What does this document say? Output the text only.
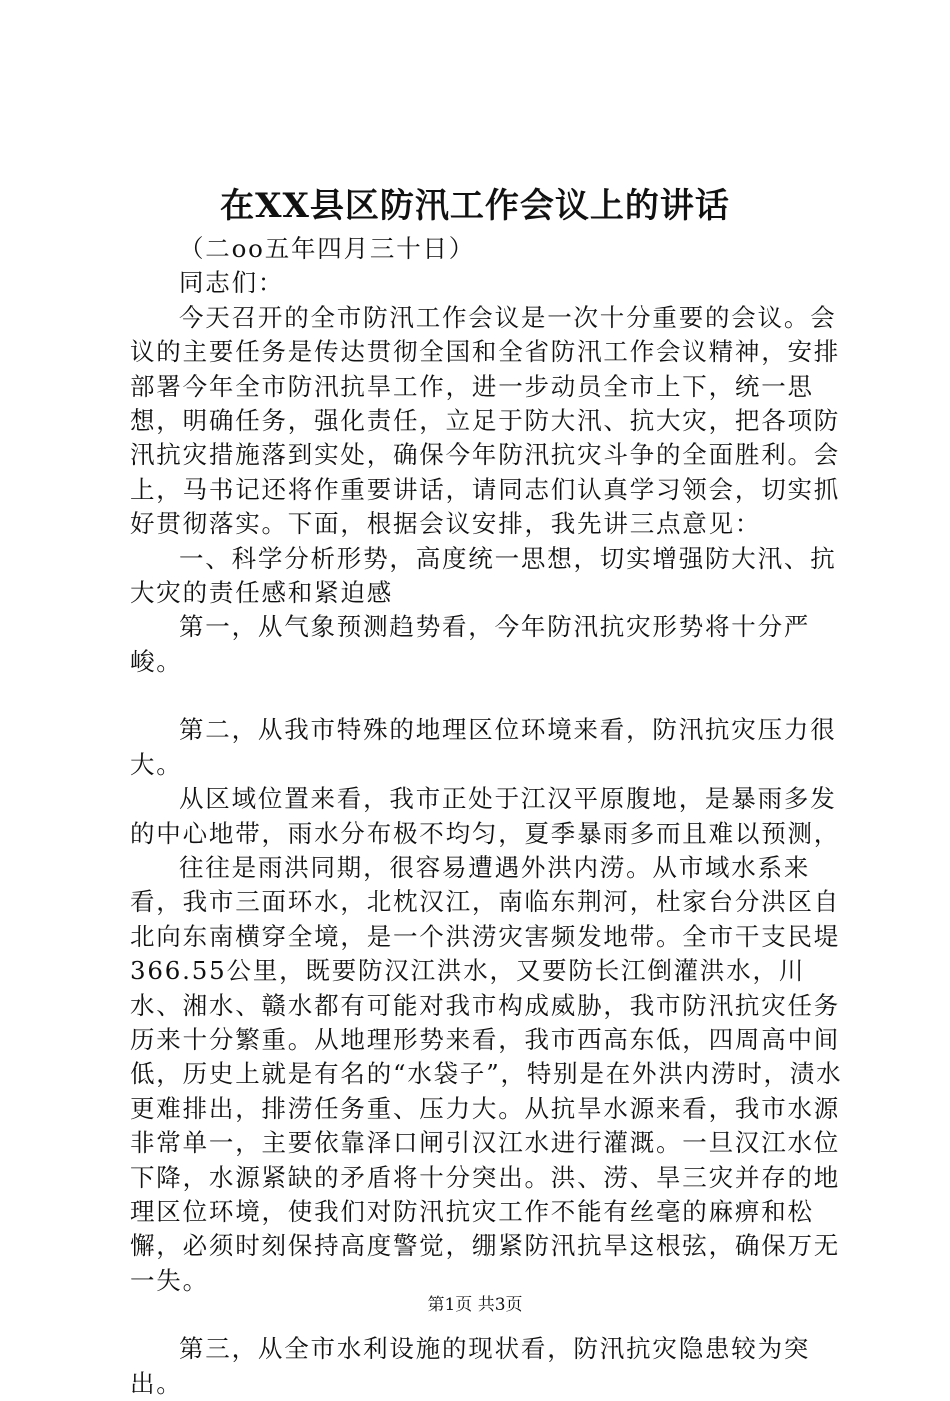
在XX县区防汛工作会议上的讲话

（二oo五年四月三十日）

同志们：

今天召开的全市防汛工作会议是一次十分重要的会议。会议的主要任务是传达贯彻全国和全省防汛工作会议精神，安排部署今年全市防汛抗旱工作，进一步动员全市上下，统一思想，明确任务，强化责任，立足于防大汛、抗大灾，把各项防汛抗灾措施落到实处，确保今年防汛抗灾斗争的全面胜利。会上，马书记还将作重要讲话，请同志们认真学习领会，切实抓好贯彻落实。下面，根据会议安排，我先讲三点意见：

一、科学分析形势，高度统一思想，切实增强防大汛、抗大灾的责任感和紧迫感

第一，从气象预测趋势看，今年防汛抗灾形势将十分严峻。

第二，从我市特殊的地理区位环境来看，防汛抗灾压力很大。

从区域位置来看，我市正处于江汉平原腹地，是暴雨多发的中心地带，雨水分布极不均匀，夏季暴雨多而且难以预测，

往往是雨洪同期，很容易遭遇外洪内涝。从市域水系来看，我市三面环水，北枕汉江，南临东荆河，杜家台分洪区自北向东南横穿全境，是一个洪涝灾害频发地带。全市干支民堤366.55公里，既要防汉江洪水，又要防长江倒灌洪水，川水、湘水、赣水都有可能对我市构成威胁，我市防汛抗灾任务历来十分繁重。从地理形势来看，我市西高东低，四周高中间低，历史上就是有名的“水袋子”，特别是在外洪内涝时，渍水更难排出，排涝任务重、压力大。从抗旱水源来看，我市水源非常单一，主要依靠泽口闸引汉江水进行灌溉。一旦汉江水位下降，水源紧缺的矛盾将十分突出。洪、涝、旱三灾并存的地理区位环境，使我们对防汛抗灾工作不能有丝毫的麻痹和松懈，必须时刻保持高度警觉，绷紧防汛抗旱这根弦，确保万无一失。

第三，从全市水利设施的现状看，防汛抗灾隐患较为突出。

第1页 共3页
